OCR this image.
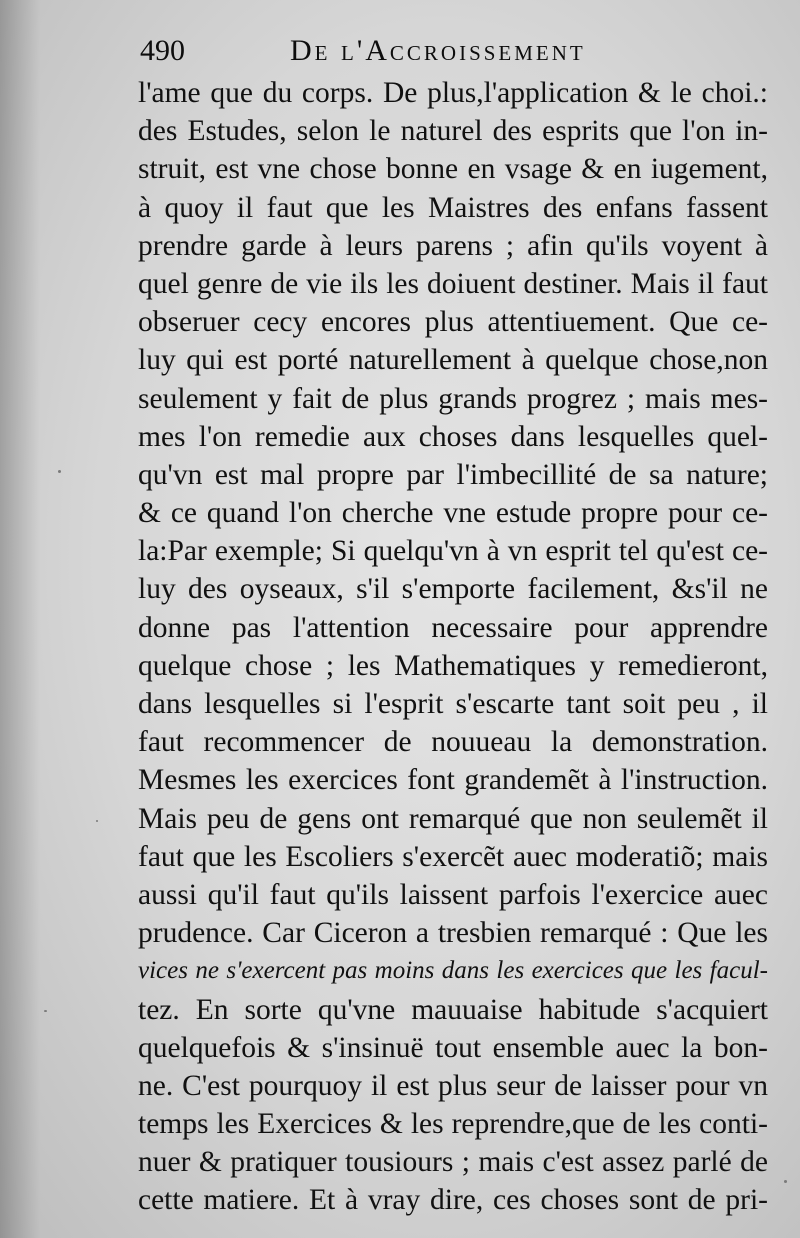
490	De l'Accroissement
l'ame que du corps. De plus,l'application & le choi.:
des Estudes, selon le naturel des esprits que l'on in-
struit, est vne chose bonne en vsage & en iugement,
à quoy il faut que les Maistres des enfans fassent
prendre garde à leurs parens ; afin qu'ils voyent à
quel genre de vie ils les doiuent destiner. Mais il faut
obseruer cecy encores plus attentiuement. Que ce-
luy qui est porté naturellement à quelque chose,non
seulement y fait de plus grands progrez ; mais mes-
mes l'on remedie aux choses dans lesquelles quel-
qu'vn est mal propre par l'imbecillité de sa nature;
& ce quand l'on cherche vne estude propre pour ce-
la:Par exemple; Si quelqu'vn à vn esprit tel qu'est ce-
luy des oyseaux, s'il s'emporte facilement, &s'il ne
donne pas l'attention necessaire pour apprendre
quelque chose ; les Mathematiques y remedieront,
dans lesquelles si l'esprit s'escarte tant soit peu , il
faut recommencer de nouueau la demonstration.
Mesmes les exercices font grandemẽt à l'instruction.
Mais peu de gens ont remarqué que non seulemẽt il
faut que les Escoliers s'exercẽt auec moderatiõ; mais
aussi qu'il faut qu'ils laissent parfois l'exercice auec
prudence. Car Ciceron a tresbien remarqué : Que les
vices ne s'exercent pas moins dans les exercices que les facul-
tez. En sorte qu'vne mauuaise habitude s'acquiert
quelquefois & s'insinuë tout ensemble auec la bon-
ne. C'est pourquoy il est plus seur de laisser pour vn
temps les Exercices & les reprendre,que de les conti-
nuer & pratiquer tousiours ; mais c'est assez parlé de
cette matiere. Et à vray dire, ces choses sont de pri-
